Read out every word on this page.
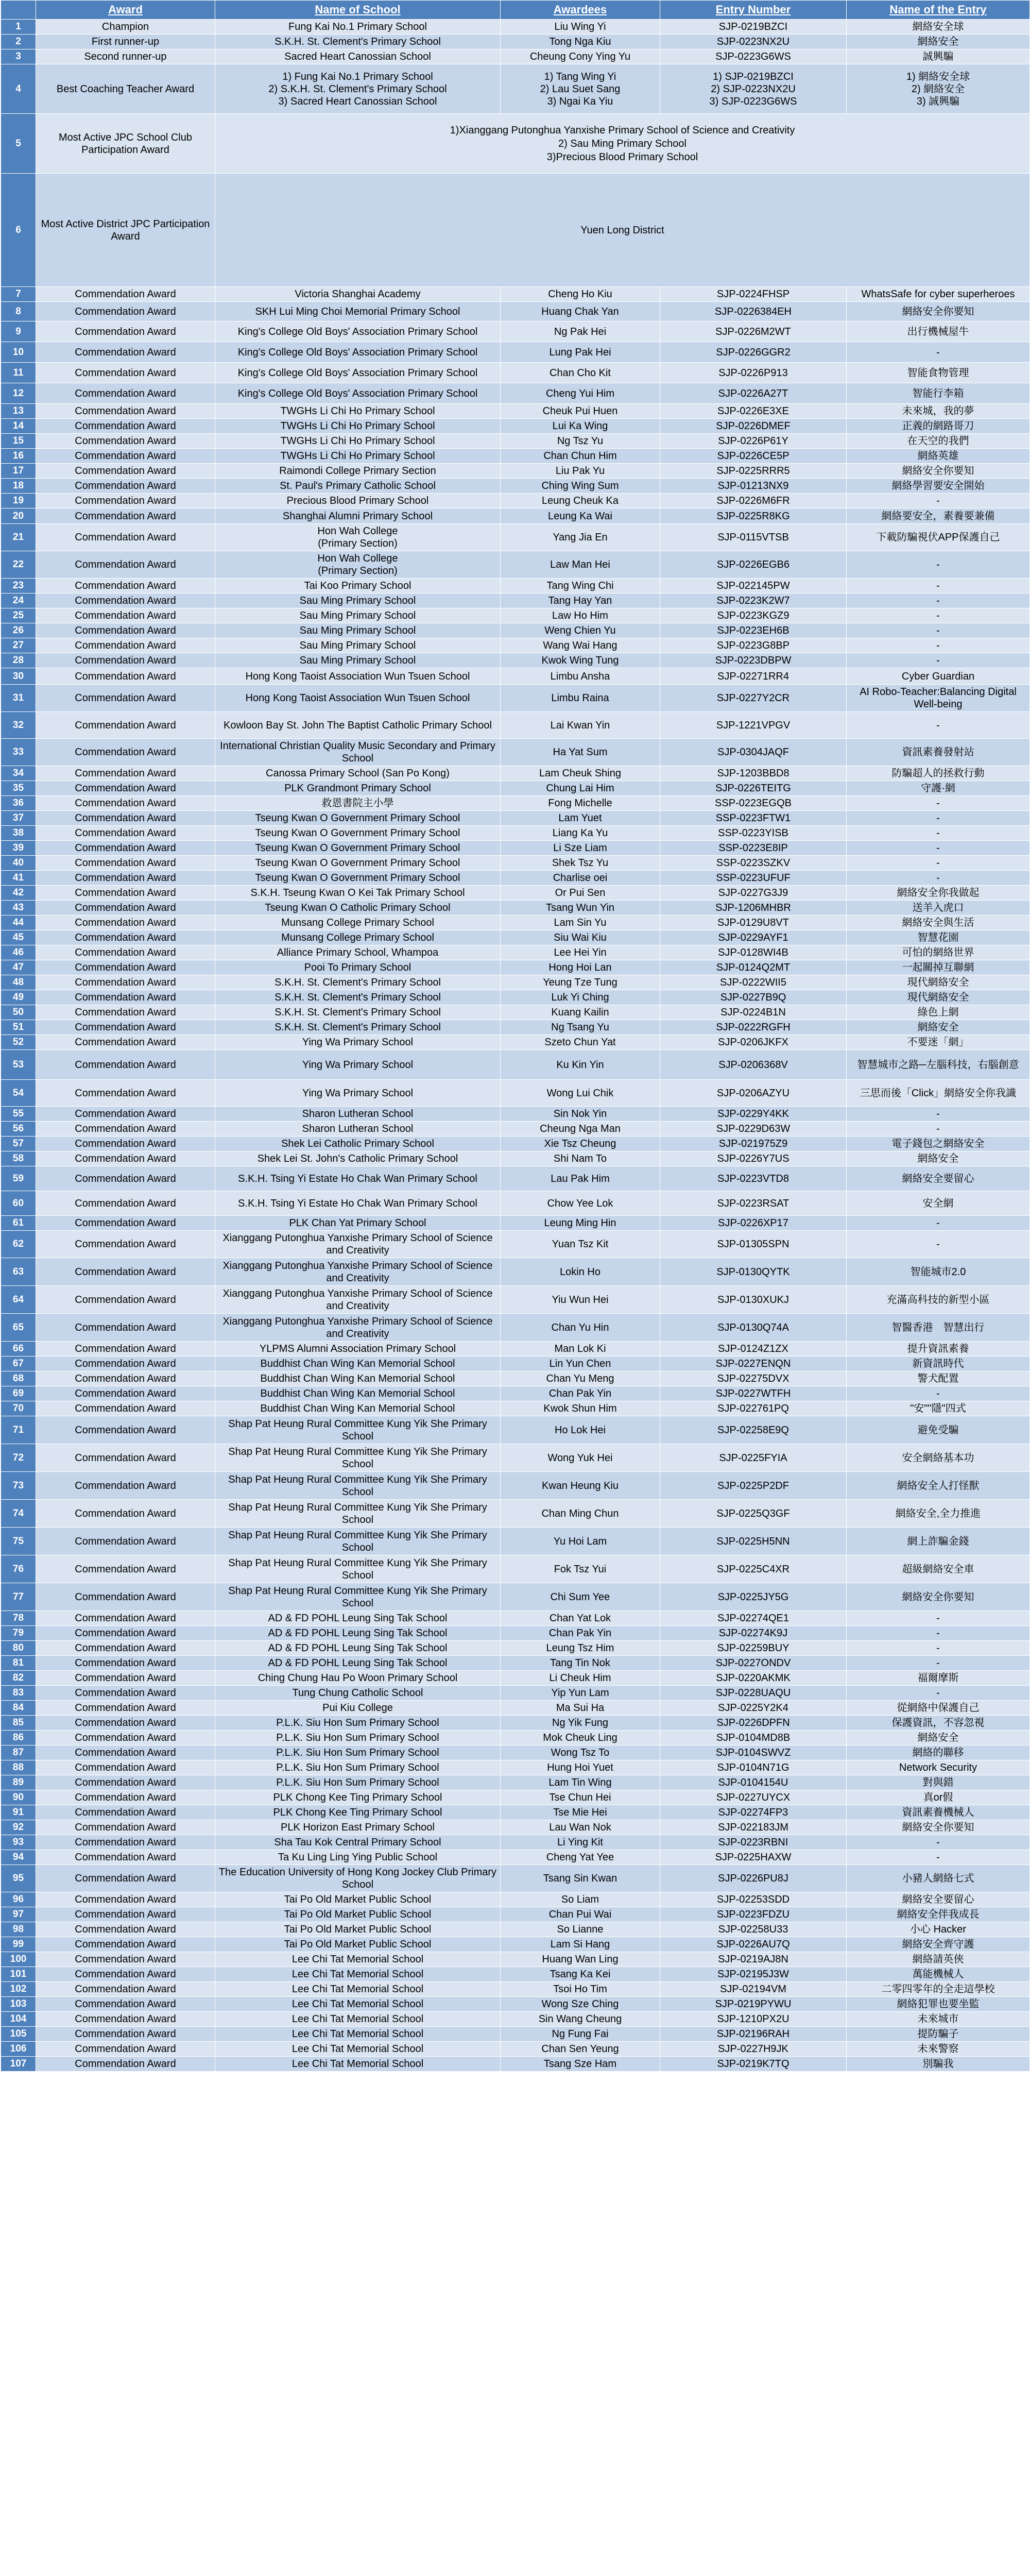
	Award	Name of School	Awardees	Entry Number	Name of the Entry
1	Champion	Fung Kai No.1 Primary School	Liu Wing Yi	SJP-0219BZCI	網絡安全球
2	First runner-up	S.K.H. St. Clement's Primary School	Tong Nga Kiu	SJP-0223NX2U	網絡安全
3	Second runner-up	Sacred Heart Canossian School	Cheung Cony Ying Yu	SJP-0223G6WS	誠興騙
4	Best Coaching Teacher Award	1) Fung Kai No.1 Primary School
2) S.K.H. St. Clement's Primary School
3) Sacred Heart Canossian School	1) Tang Wing Yi
2) Lau Suet Sang
3) Ngai Ka Yiu	1) SJP-0219BZCI
2) SJP-0223NX2U
3) SJP-0223G6WS	1) 網絡安全球
2) 網絡安全
3) 誠興騙
5	Most Active JPC School Club Participation Award	1)Xianggang Putonghua Yanxishe Primary School of Science and Creativity
2) Sau Ming Primary School
3)Precious Blood Primary School			
6	Most Active District JPC Participation Award	Yuen Long District			
7	Commendation Award	Victoria Shanghai Academy	Cheng Ho Kiu	SJP-0224FHSP	WhatsSafe for cyber superheroes
8	Commendation Award	SKH Lui Ming Choi Memorial Primary School	Huang Chak Yan	SJP-0226384EH	網絡安全你要知
9	Commendation Award	King's College Old Boys' Association Primary School	Ng Pak Hei	SJP-0226M2WT	出行機械屋牛
10	Commendation Award	King's College Old Boys' Association Primary School	Lung Pak Hei	SJP-0226GGR2	-
11	Commendation Award	King's College Old Boys' Association Primary School	Chan Cho Kit	SJP-0226P913	智能食物管理
12	Commendation Award	King's College Old Boys' Association Primary School	Cheng Yui Him	SJP-0226A27T	智能行李箱
13	Commendation Award	TWGHs Li Chi Ho Primary School	Cheuk Pui Huen	SJP-0226E3XE	未來城，我的夢
14	Commendation Award	TWGHs Li Chi Ho Primary School	Lui Ka Wing	SJP-0226DMEF	正義的網路哥刀
15	Commendation Award	TWGHs Li Chi Ho Primary School	Ng Tsz Yu	SJP-0226P61Y	在天空的我們
16	Commendation Award	TWGHs Li Chi Ho Primary School	Chan Chun Him	SJP-0226CE5P	網絡英雄
17	Commendation Award	Raimondi College Primary Section	Liu Pak Yu	SJP-0225RRR5	網絡安全你要知
18	Commendation Award	St. Paul's Primary Catholic School	Ching Wing Sum	SJP-01213NX9	網絡學習要安全開始
19	Commendation Award	Precious Blood Primary School	Leung Cheuk Ka	SJP-0226M6FR	-
20	Commendation Award	Shanghai Alumni Primary School	Leung Ka Wai	SJP-0225R8KG	網絡要安全，素養要兼備
21	Commendation Award	Hon Wah College
(Primary Section)	Yang Jia En	SJP-0115VTSB	下載防騙視伏APP保護自己
22	Commendation Award	Hon Wah College
(Primary Section)	Law Man Hei	SJP-0226EGB6	-
23	Commendation Award	Tai Koo Primary School	Tang Wing Chi	SJP-022145PW	-
24	Commendation Award	Sau Ming Primary School	Tang Hay Yan	SJP-0223K2W7	-
25	Commendation Award	Sau Ming Primary School	Law Ho Him	SJP-0223KGZ9	-
26	Commendation Award	Sau Ming Primary School	Weng Chien Yu	SJP-0223EH6B	-
27	Commendation Award	Sau Ming Primary School	Wang Wai Hang	SJP-0223G8BP	-
28	Commendation Award	Sau Ming Primary School	Kwok Wing Tung	SJP-0223DBPW	-
30	Commendation Award	Hong Kong Taoist Association Wun Tsuen School	Limbu Ansha	SJP-02271RR4	Cyber Guardian
31	Commendation Award	Hong Kong Taoist Association Wun Tsuen School	Limbu Raina	SJP-0227Y2CR	AI Robo-Teacher:Balancing Digital Well-being
32	Commendation Award	Kowloon Bay St. John The Baptist Catholic Primary School	Lai Kwan Yin	SJP-1221VPGV	-
33	Commendation Award	International Christian Quality Music Secondary and Primary School	Ha Yat Sum	SJP-0304JAQF	資訊素養發射站
34	Commendation Award	Canossa Primary School (San Po Kong)	Lam Cheuk Shing	SJP-1203BBD8	防騙超人的拯救行動
35	Commendation Award	PLK Grandmont Primary School	Chung Lai Him	SJP-0226TEITG	守護·網
36	Commendation Award	救恩書院主小學	Fong Michelle	SSP-0223EGQB	-
37	Commendation Award	Tseung Kwan O Government Primary School	Lam Yuet	SSP-0223FTW1	-
38	Commendation Award	Tseung Kwan O Government Primary School	Liang Ka Yu	SSP-0223YISB	-
39	Commendation Award	Tseung Kwan O Government Primary School	Li Sze Liam	SSP-0223E8IP	-
40	Commendation Award	Tseung Kwan O Government Primary School	Shek Tsz Yu	SSP-0223SZKV	-
41	Commendation Award	Tseung Kwan O Government Primary School	Charlise oei	SSP-0223UFUF	-
42	Commendation Award	S.K.H. Tseung Kwan O Kei Tak Primary School	Or Pui Sen	SJP-0227G3J9	網絡安全你我做起
43	Commendation Award	Tseung Kwan O Catholic Primary School	Tsang Wun Yin	SJP-1206MHBR	送羊入虎口
44	Commendation Award	Munsang College Primary School	Lam Sin Yu	SJP-0129U8VT	網絡安全與生活
45	Commendation Award	Munsang College Primary School	Siu Wai Kiu	SJP-0229AYF1	智慧花園
46	Commendation Award	Alliance Primary School, Whampoa	Lee Hei Yin	SJP-0128WI4B	可怕的網絡世界
47	Commendation Award	Pooi To Primary School	Hong Hoi Lan	SJP-0124Q2MT	一起關掉互聯網
48	Commendation Award	S.K.H. St. Clement's Primary School	Yeung Tze Tung	SJP-0222WII5	現代網絡安全
49	Commendation Award	S.K.H. St. Clement's Primary School	Luk Yi Ching	SJP-0227B9Q	現代網絡安全
50	Commendation Award	S.K.H. St. Clement's Primary School	Kuang Kailin	SJP-0224B1N	綠色上網
51	Commendation Award	S.K.H. St. Clement's Primary School	Ng Tsang Yu	SJP-0222RGFH	網絡安全
52	Commendation Award	Ying Wa Primary School	Szeto Chun Yat	SJP-0206JKFX	不要迷「網」
53	Commendation Award	Ying Wa Primary School	Ku Kin Yin	SJP-0206368V	智慧城市之路─左腦科技，右腦創意
54	Commendation Award	Ying Wa Primary School	Wong Lui Chik	SJP-0206AZYU	三思而後「Click」網絡安全你我識
55	Commendation Award	Sharon Lutheran School	Sin Nok Yin	SJP-0229Y4KK	-
56	Commendation Award	Sharon Lutheran School	Cheung Nga Man	SJP-0229D63W	-
57	Commendation Award	Shek Lei Catholic Primary School	Xie Tsz Cheung	SJP-021975Z9	電子錢包之網絡安全
58	Commendation Award	Shek Lei St. John's Catholic Primary School	Shi Nam To	SJP-0226Y7US	網絡安全
59	Commendation Award	S.K.H. Tsing Yi Estate Ho Chak Wan Primary School	Lau Pak Him	SJP-0223VTD8	網絡安全要留心
60	Commendation Award	S.K.H. Tsing Yi Estate Ho Chak Wan Primary School	Chow Yee Lok	SJP-0223RSAT	安全網
61	Commendation Award	PLK Chan Yat Primary School	Leung Ming Hin	SJP-0226XP17	-
62	Commendation Award	Xianggang Putonghua Yanxishe Primary School of Science and Creativity	Yuan Tsz Kit	SJP-01305SPN	-
63	Commendation Award	Xianggang Putonghua Yanxishe Primary School of Science and Creativity	Lokin Ho	SJP-0130QYTK	智能城市2.0
64	Commendation Award	Xianggang Putonghua Yanxishe Primary School of Science and Creativity	Yiu Wun Hei	SJP-0130XUKJ	充滿高科技的新型小區
65	Commendation Award	Xianggang Putonghua Yanxishe Primary School of Science and Creativity	Chan Yu Hin	SJP-0130Q74A	智醫香港　智慧出行
66	Commendation Award	YLPMS Alumni Association Primary School	Man Lok Ki	SJP-0124Z1ZX	提升資訊素養
67	Commendation Award	Buddhist Chan Wing Kan Memorial School	Lin Yun Chen	SJP-0227ENQN	新資訊時代
68	Commendation Award	Buddhist Chan Wing Kan Memorial School	Chan Yu Meng	SJP-02275DVX	警犬配置
69	Commendation Award	Buddhist Chan Wing Kan Memorial School	Chan Pak Yin	SJP-0227WTFH	-
70	Commendation Award	Buddhist Chan Wing Kan Memorial School	Kwok Shun Him	SJP-022761PQ	"安""隱"四式
71	Commendation Award	Shap Pat Heung Rural Committee Kung Yik She Primary School	Ho Lok Hei	SJP-02258E9Q	避免受騙
72	Commendation Award	Shap Pat Heung Rural Committee Kung Yik She Primary School	Wong Yuk Hei	SJP-0225FYIA	安全網絡基本功
73	Commendation Award	Shap Pat Heung Rural Committee Kung Yik She Primary School	Kwan Heung Kiu	SJP-0225P2DF	網絡安全人打怪獸
74	Commendation Award	Shap Pat Heung Rural Committee Kung Yik She Primary School	Chan Ming Chun	SJP-0225Q3GF	網絡安全,全力推進
75	Commendation Award	Shap Pat Heung Rural Committee Kung Yik She Primary School	Yu Hoi Lam	SJP-0225H5NN	網上詐騙金錢
76	Commendation Award	Shap Pat Heung Rural Committee Kung Yik She Primary School	Fok Tsz Yui	SJP-0225C4XR	超級網絡安全車
77	Commendation Award	Shap Pat Heung Rural Committee Kung Yik She Primary School	Chi Sum Yee	SJP-0225JY5G	網絡安全你要知
78	Commendation Award	AD & FD POHL Leung Sing Tak School	Chan Yat Lok	SJP-02274QE1	-
79	Commendation Award	AD & FD POHL Leung Sing Tak School	Chan Pak Yin	SJP-02274K9J	-
80	Commendation Award	AD & FD POHL Leung Sing Tak School	Leung Tsz Him	SJP-02259BUY	-
81	Commendation Award	AD & FD POHL Leung Sing Tak School	Tang Tin Nok	SJP-0227ONDV	-
82	Commendation Award	Ching Chung Hau Po Woon Primary School	Li Cheuk Him	SJP-0220AKMK	福爾摩斯
83	Commendation Award	Tung Chung Catholic School	Yip Yun Lam	SJP-0228UAQU	-
84	Commendation Award	Pui Kiu College	Ma Sui Ha	SJP-0225Y2K4	從網絡中保護自己
85	Commendation Award	P.L.K. Siu Hon Sum Primary School	Ng Yik Fung	SJP-0226DPFN	保護資訊，不容忽視
86	Commendation Award	P.L.K. Siu Hon Sum Primary School	Mok Cheuk Ling	SJP-0104MD8B	網絡安全
87	Commendation Award	P.L.K. Siu Hon Sum Primary School	Wong Tsz To	SJP-0104SWVZ	網絡的聯移
88	Commendation Award	P.L.K. Siu Hon Sum Primary School	Hung Hoi Yuet	SJP-0104N71G	Network Security
89	Commendation Award	P.L.K. Siu Hon Sum Primary School	Lam Tin Wing	SJP-0104154U	對與錯
90	Commendation Award	PLK Chong Kee Ting Primary School	Tse Chun Hei	SJP-0227UYCX	真or假
91	Commendation Award	PLK Chong Kee Ting Primary School	Tse Mie Hei	SJP-02274FP3	資訊素養機械人
92	Commendation Award	PLK Horizon East Primary School	Lau Wan Nok	SJP-022183JM	網絡安全你要知
93	Commendation Award	Sha Tau Kok Central Primary School	Li Ying Kit	SJP-0223RBNI	-
94	Commendation Award	Ta Ku Ling Ling Ying Public School	Cheng Yat Yee	SJP-0225HAXW	-
95	Commendation Award	The Education University of Hong Kong Jockey Club Primary School	Tsang Sin Kwan	SJP-0226PU8J	小豬人網絡七式
96	Commendation Award	Tai Po Old Market Public School	So Liam	SJP-02253SDD	網絡安全要留心
97	Commendation Award	Tai Po Old Market Public School	Chan Pui Wai	SJP-0223FDZU	網絡安全伴我成長
98	Commendation Award	Tai Po Old Market Public School	So Lianne	SJP-02258U33	小心 Hacker
99	Commendation Award	Tai Po Old Market Public School	Lam Si Hang	SJP-0226AU7Q	網絡安全齊守護
100	Commendation Award	Lee Chi Tat Memorial School	Huang Wan Ling	SJP-0219AJ8N	網絡請英俠
101	Commendation Award	Lee Chi Tat Memorial School	Tsang Ka Kei	SJP-02195J3W	萬能機械人
102	Commendation Award	Lee Chi Tat Memorial School	Tsoi Ho Tim	SJP-02194VM	二零四零年的全走這學校
103	Commendation Award	Lee Chi Tat Memorial School	Wong Sze Ching	SJP-0219PYWU	網絡犯罪也要坐監
104	Commendation Award	Lee Chi Tat Memorial School	Sin Wang Cheung	SJP-1210PX2U	未來城市
105	Commendation Award	Lee Chi Tat Memorial School	Ng Fung Fai	SJP-02196RAH	提防騙子
106	Commendation Award	Lee Chi Tat Memorial School	Chan Sen Yeung	SJP-0227H9JK	未來警察
107	Commendation Award	Lee Chi Tat Memorial School	Tsang Sze Ham	SJP-0219K7TQ	別騙我
